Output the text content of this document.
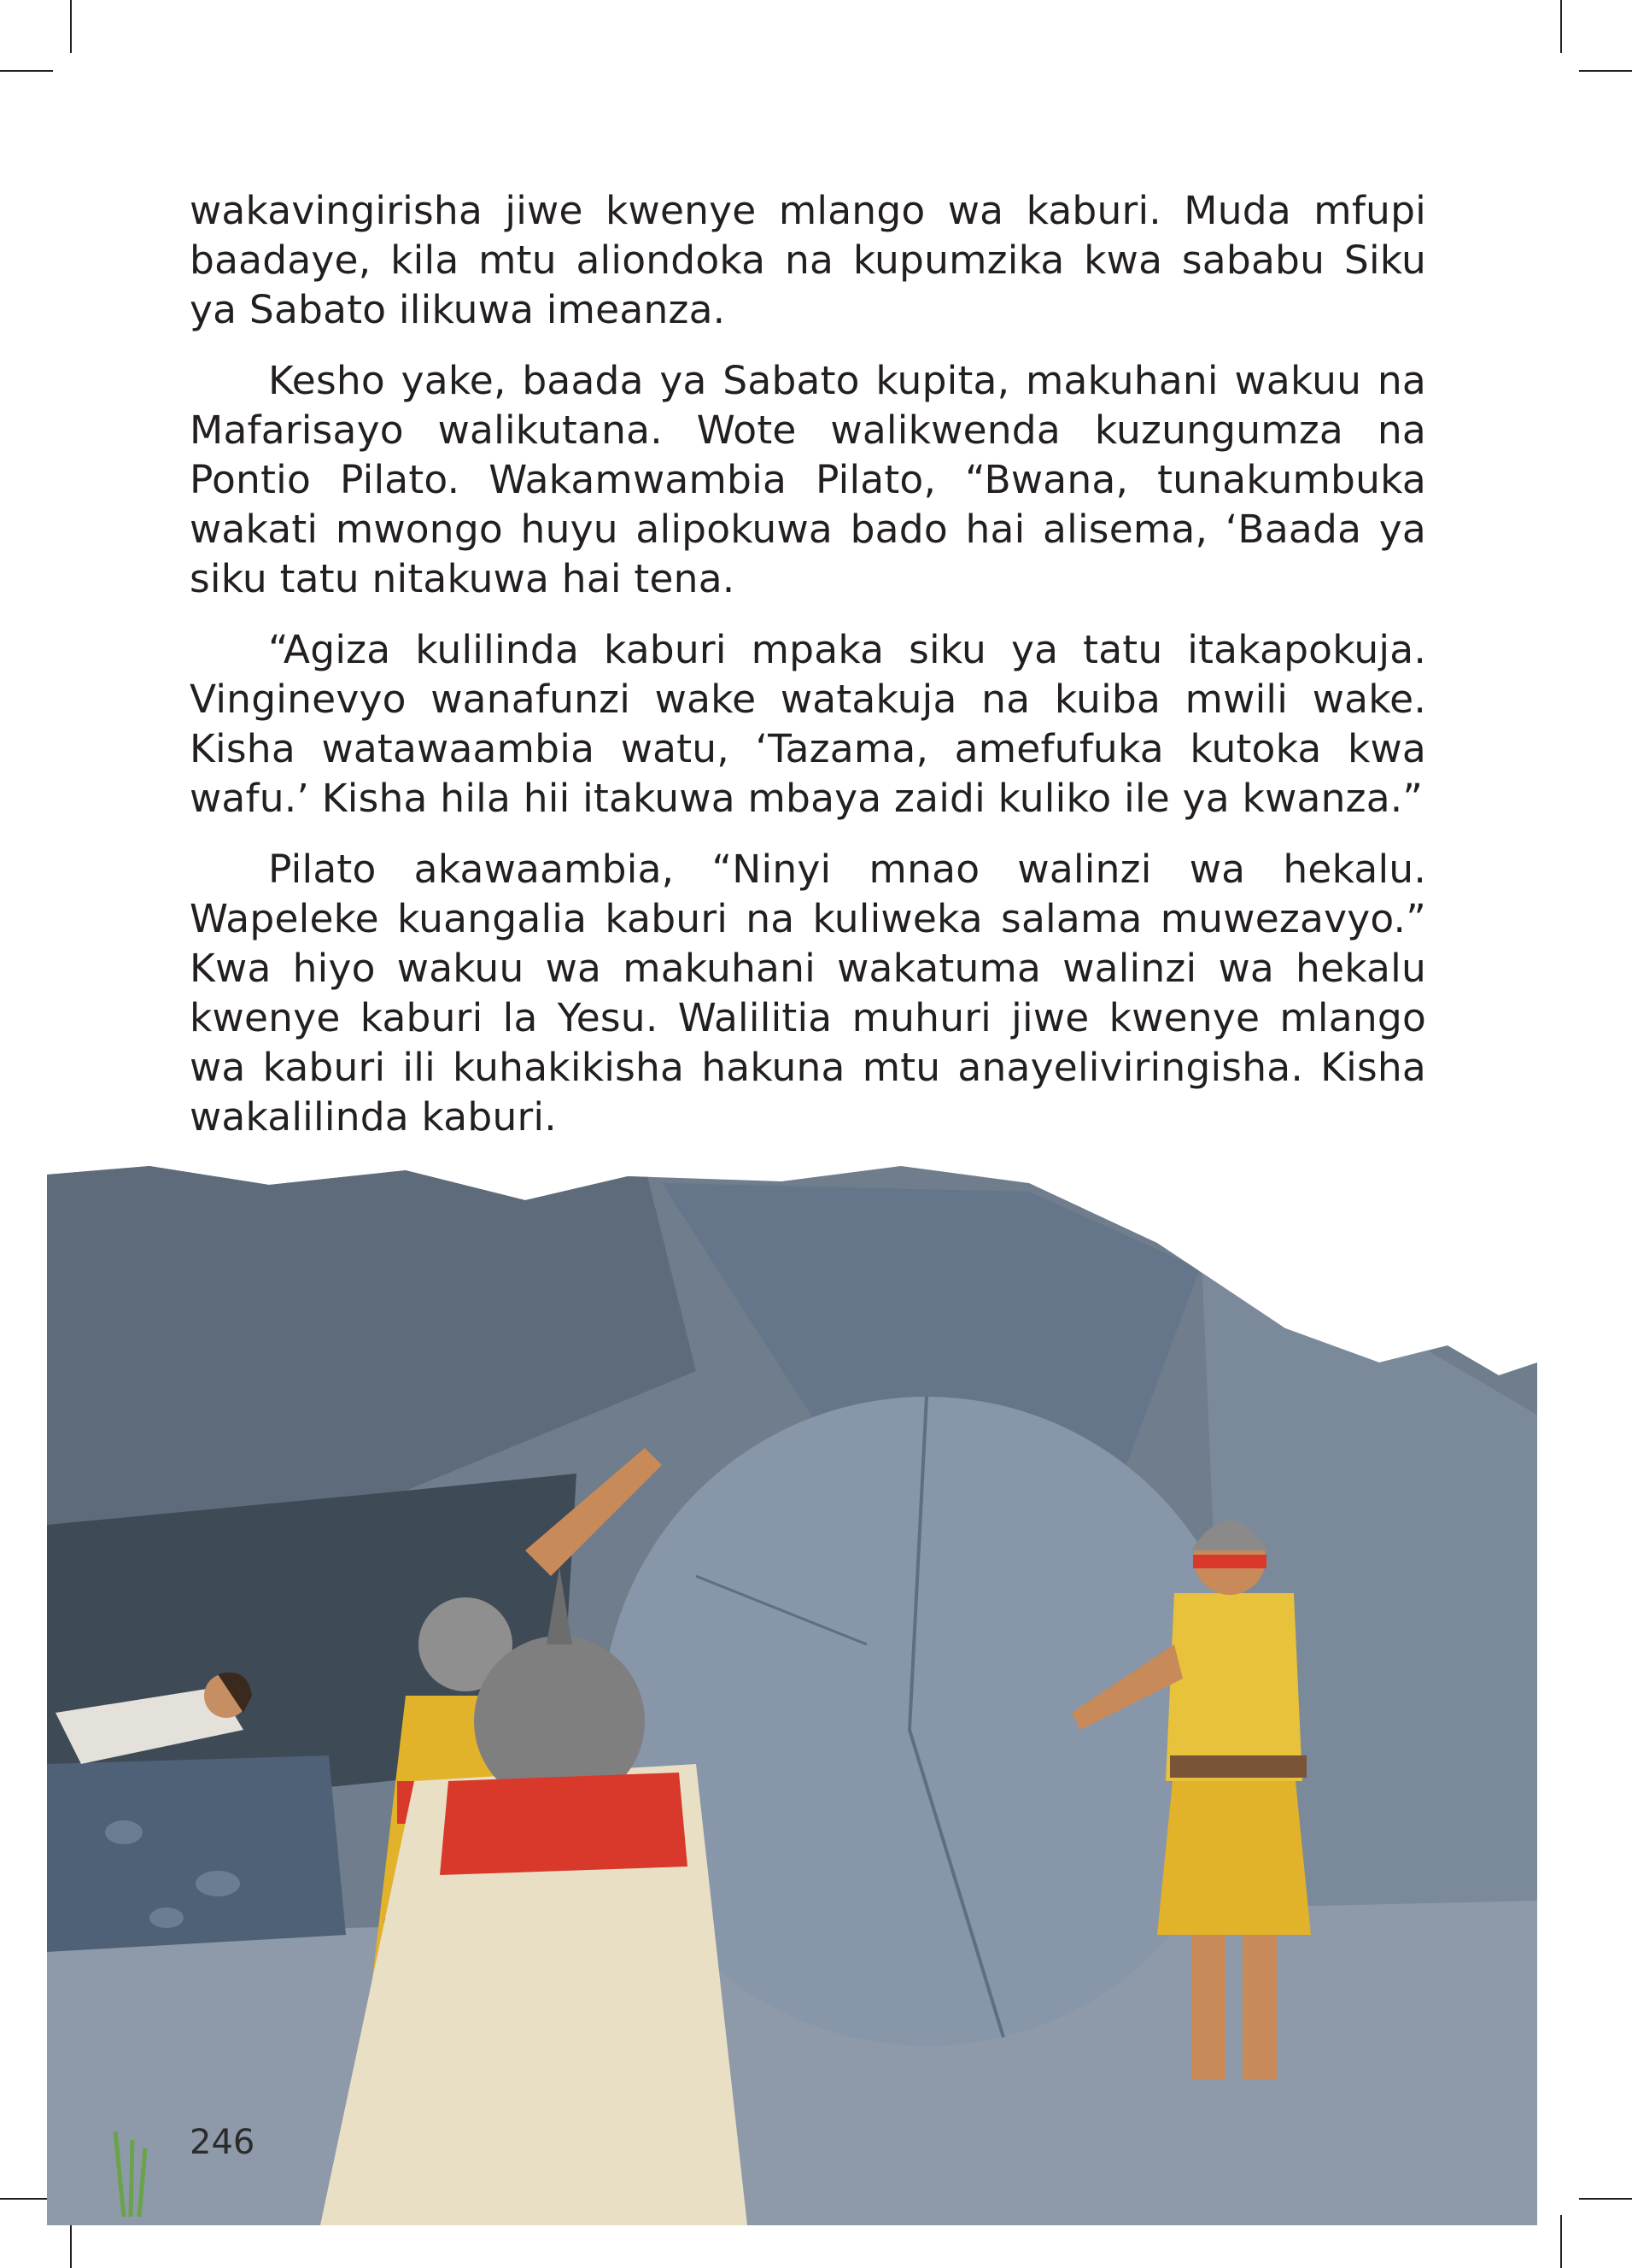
wakavingirisha jiwe kwenye mlango wa kaburi. Muda mfupi baadaye, kila mtu aliondoka na kupumzika kwa sababu Siku ya Sabato ilikuwa imeanza.

Kesho yake, baada ya Sabato kupita, makuhani wakuu na Mafarisayo walikutana. Wote walikwenda kuzungumza na Pontio Pilato. Wakamwambia Pilato, “Bwana, tunakumbuka wakati mwongo huyu alipokuwa bado hai alisema, ‘Baada ya siku tatu nitakuwa hai tena.

“Agiza kulilinda kaburi mpaka siku ya tatu itakapokuja. Vinginevyo wanafunzi wake watakuja na kuiba mwili wake. Kisha watawaambia watu, ‘Tazama, amefufuka kutoka kwa wafu.’ Kisha hila hii itakuwa mbaya zaidi kuliko ile ya kwanza.”

Pilato akawaambia, “Ninyi mnao walinzi wa hekalu. Wapeleke kuangalia kaburi na kuliweka salama muwezavyo.” Kwa hiyo wakuu wa makuhani wakatuma walinzi wa hekalu kwenye kaburi la Yesu. Walilitia muhuri jiwe kwenye mlango wa kaburi ili kuhakikisha hakuna mtu anayeliviringisha. Kisha wakalilinda kaburi.

246
